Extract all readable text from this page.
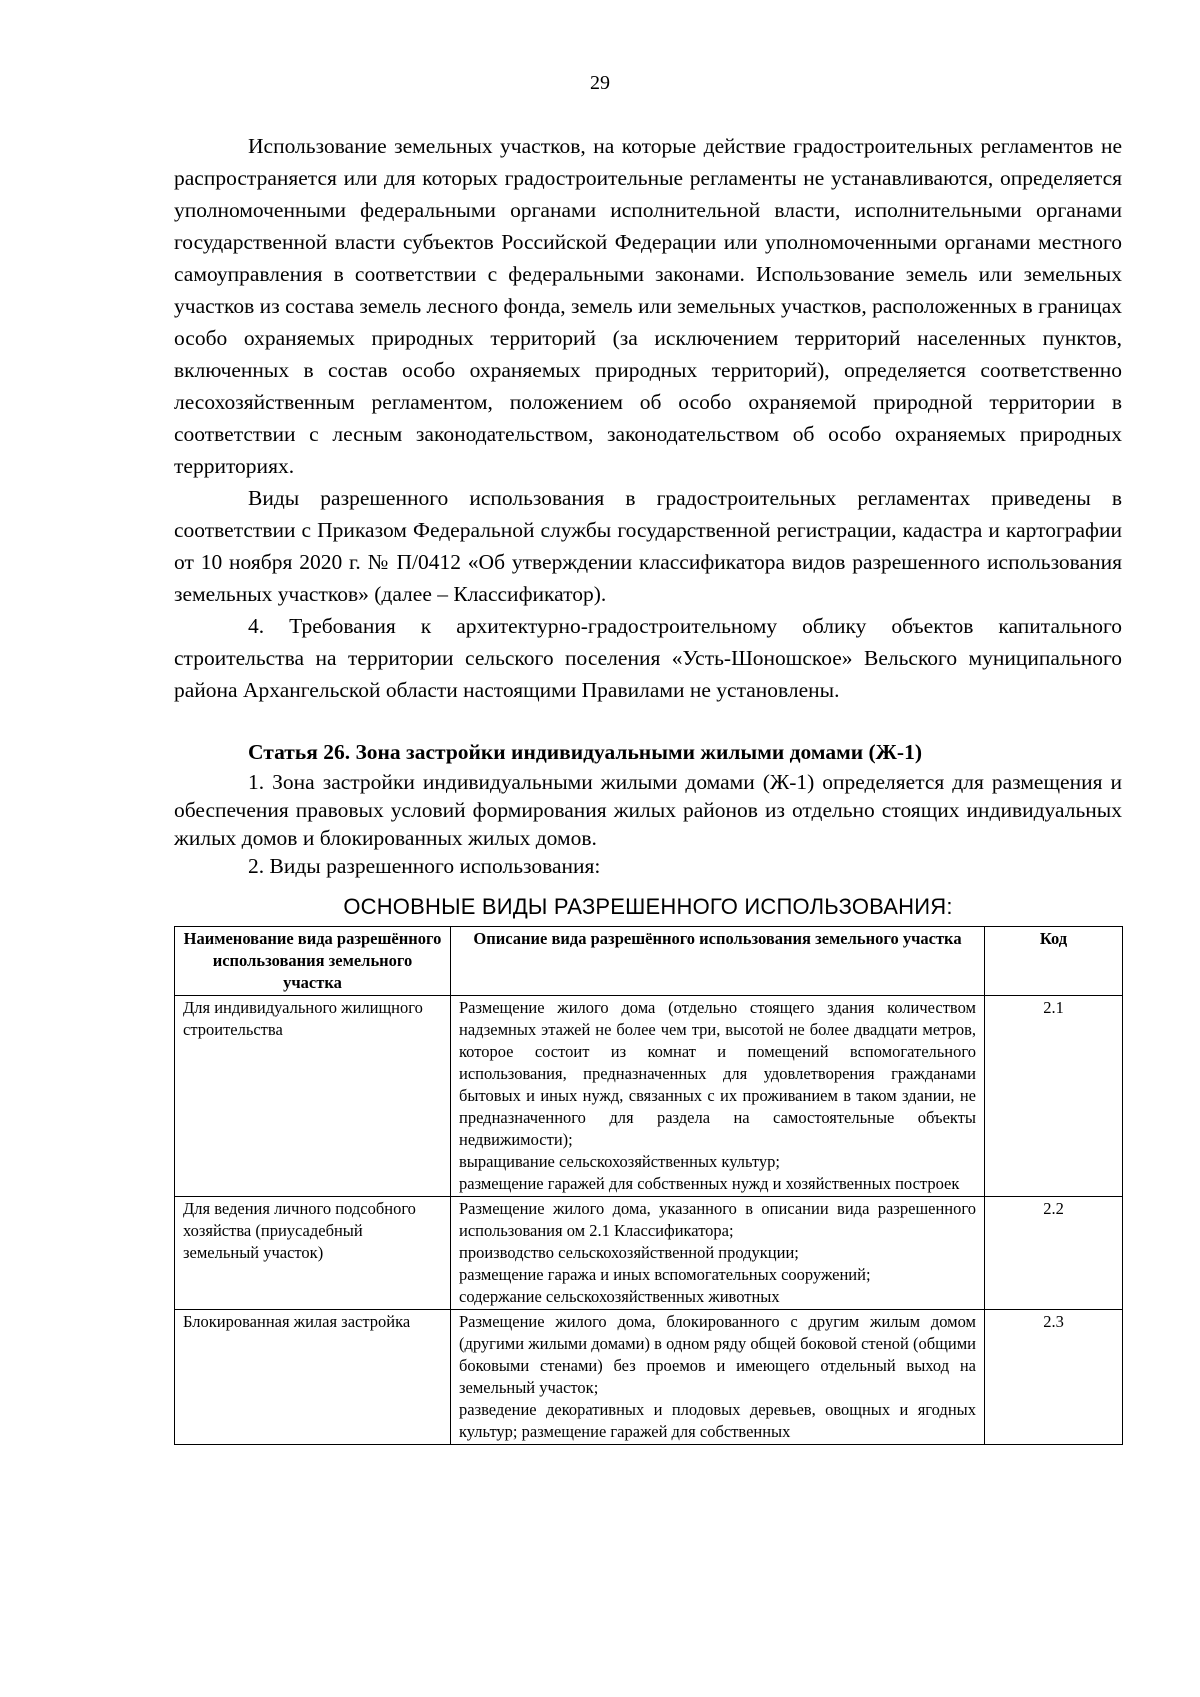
29

Использование земельных участков, на которые действие градостроительных регламентов не распространяется или для которых градостроительные регламенты не устанавливаются, определяется уполномоченными федеральными органами исполнительной власти, исполнительными органами государственной власти субъектов Российской Федерации или уполномоченными органами местного самоуправления в соответствии с федеральными законами. Использование земель или земельных участков из состава земель лесного фонда, земель или земельных участков, расположенных в границах особо охраняемых природных территорий (за исключением территорий населенных пунктов, включенных в состав особо охраняемых природных территорий), определяется соответственно лесохозяйственным регламентом, положением об особо охраняемой природной территории в соответствии с лесным законодательством, законодательством об особо охраняемых природных территориях.

Виды разрешенного использования в градостроительных регламентах приведены в соответствии с Приказом Федеральной службы государственной регистрации, кадастра и картографии от 10 ноября 2020 г. № П/0412 «Об утверждении классификатора видов разрешенного использования земельных участков» (далее – Классификатор).

4. Требования к архитектурно-градостроительному облику объектов капитального строительства на территории сельского поселения «Усть-Шоношское» Вельского муниципального района Архангельской области настоящими Правилами не установлены.

Статья 26. Зона застройки индивидуальными жилыми домами (Ж-1)

1. Зона застройки индивидуальными жилыми домами (Ж-1) определяется для размещения и обеспечения правовых условий формирования жилых районов из отдельно стоящих индивидуальных жилых домов и блокированных жилых домов.

2. Виды разрешенного использования:

ОСНОВНЫЕ ВИДЫ РАЗРЕШЕННОГО ИСПОЛЬЗОВАНИЯ:
Наименование вида разрешённого использования земельного участка	Описание вида разрешённого использования земельного участка	Код
Для индивидуального жилищного строительства	Размещение жилого дома (отдельно стоящего здания количеством надземных этажей не более чем три, высотой не более двадцати метров, которое состоит из комнат и помещений вспомогательного использования, предназначенных для удовлетворения гражданами бытовых и иных нужд, связанных с их проживанием в таком здании, не предназначенного для раздела на самостоятельные объекты недвижимости);
выращивание сельскохозяйственных культур;
размещение гаражей для собственных нужд и хозяйственных построек	2.1
Для ведения личного подсобного хозяйства (приусадебный земельный участок)	Размещение жилого дома, указанного в описании вида разрешенного использования ом 2.1 Классификатора;
производство сельскохозяйственной продукции;
размещение гаража и иных вспомогательных сооружений;
содержание сельскохозяйственных животных	2.2
Блокированная жилая застройка	Размещение жилого дома, блокированного с другим жилым домом (другими жилыми домами) в одном ряду общей боковой стеной (общими боковыми стенами) без проемов и имеющего отдельный выход на земельный участок;
разведение декоративных и плодовых деревьев, овощных и ягодных культур; размещение гаражей для собственных	2.3
